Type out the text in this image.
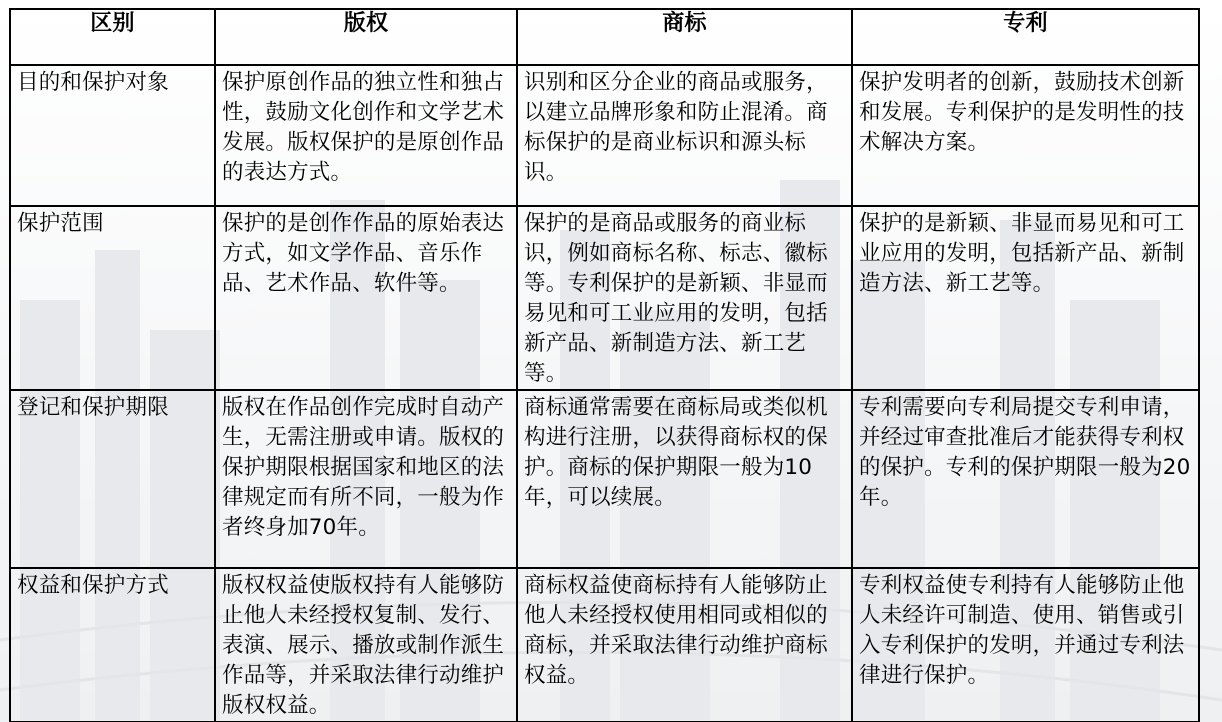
区别	版权	商标	专利
目的和保护对象	保护原创作品的独立性和独占性，鼓励文化创作和文学艺术发展。版权保护的是原创作品的表达方式。	识别和区分企业的商品或服务，以建立品牌形象和防止混淆。商标保护的是商业标识和源头标识。	保护发明者的创新，鼓励技术创新和发展。专利保护的是发明性的技术解决方案。
保护范围	保护的是创作作品的原始表达方式，如文学作品、音乐作品、艺术作品、软件等。	保护的是商品或服务的商业标识，例如商标名称、标志、徽标等。专利保护的是新颖、非显而易见和可工业应用的发明，包括新产品、新制造方法、新工艺等。	保护的是新颖、非显而易见和可工业应用的发明，包括新产品、新制造方法、新工艺等。
登记和保护期限	版权在作品创作完成时自动产生，无需注册或申请。版权的保护期限根据国家和地区的法律规定而有所不同，一般为作者终身加70年。	商标通常需要在商标局或类似机构进行注册，以获得商标权的保护。商标的保护期限一般为10年，可以续展。	专利需要向专利局提交专利申请，并经过审查批准后才能获得专利权的保护。专利的保护期限一般为20年。
权益和保护方式	版权权益使版权持有人能够防止他人未经授权复制、发行、表演、展示、播放或制作派生作品等，并采取法律行动维护版权权益。	商标权益使商标持有人能够防止他人未经授权使用相同或相似的商标，并采取法律行动维护商标权益。	专利权益使专利持有人能够防止他人未经许可制造、使用、销售或引入专利保护的发明，并通过专利法律进行保护。
